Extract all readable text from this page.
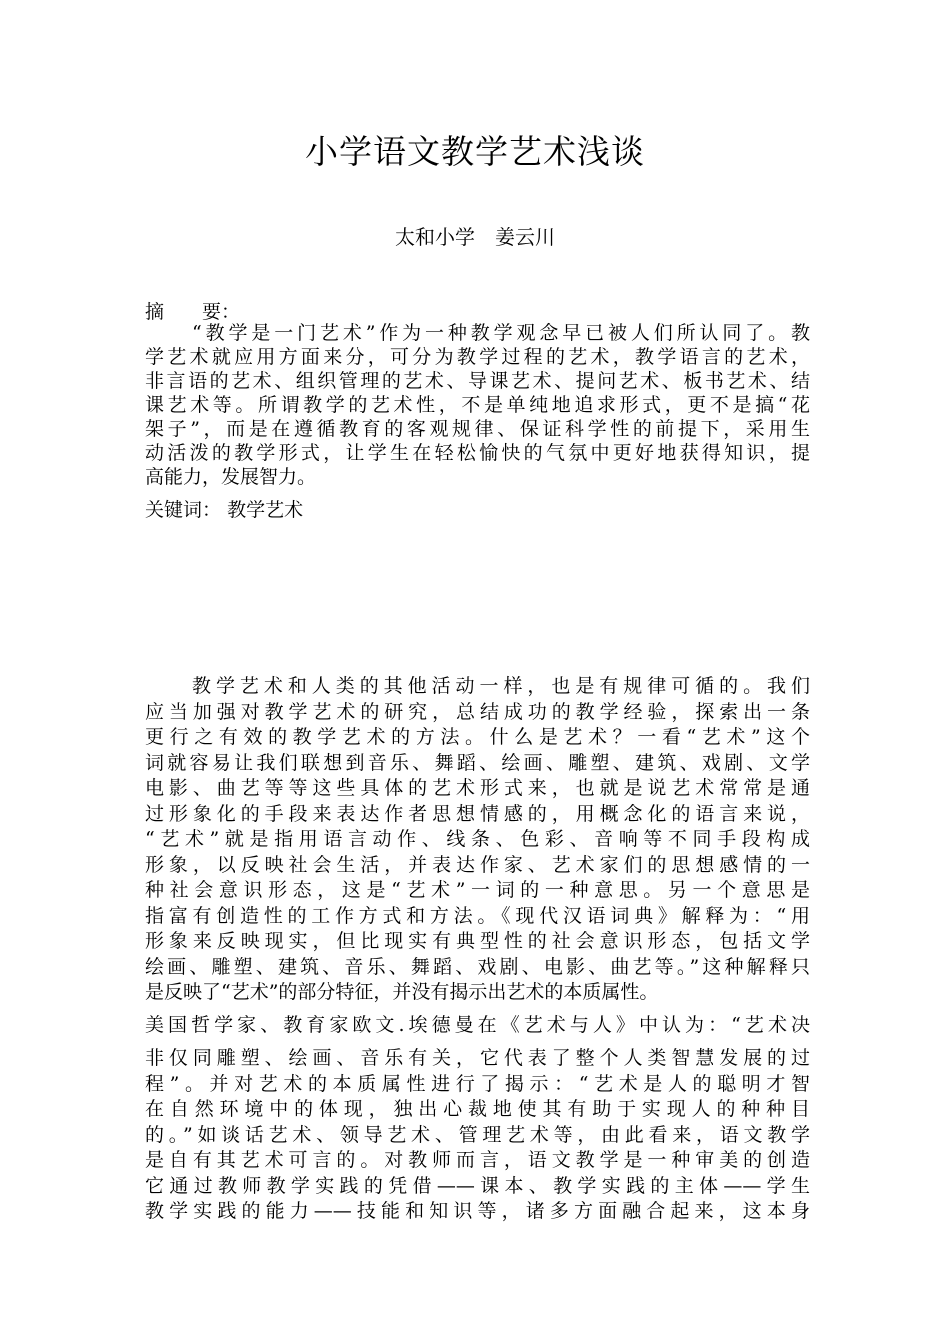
小学语文教学艺术浅谈
太和小学　姜云川
摘　　要：
“教学是一门艺术”作为一种教学观念早已被人们所认同了。教
学艺术就应用方面来分，可分为教学过程的艺术，教学语言的艺术，
非言语的艺术、组织管理的艺术、导课艺术、提问艺术、板书艺术、结
课艺术等。所谓教学的艺术性，不是单纯地追求形式，更不是搞“花
架子”，而是在遵循教育的客观规律、保证科学性的前提下，采用生
动活泼的教学形式，让学生在轻松愉快的气氛中更好地获得知识，提
高能力，发展智力。
关键词： 教学艺术
教学艺术和人类的其他活动一样，也是有规律可循的。我们
应当加强对教学艺术的研究，总结成功的教学经验，探索出一条
更行之有效的教学艺术的方法。什么是艺术？一看“艺术”这个
词就容易让我们联想到音乐、舞蹈、绘画、雕塑、建筑、戏剧、文学
电影、曲艺等等这些具体的艺术形式来，也就是说艺术常常是通
过形象化的手段来表达作者思想情感的，用概念化的语言来说，
“艺术”就是指用语言动作、线条、色彩、音响等不同手段构成
形象，以反映社会生活，并表达作家、艺术家们的思想感情的一
种社会意识形态，这是“艺术”一词的一种意思。另一个意思是
指富有创造性的工作方式和方法。《现代汉语词典》解释为：“用
形象来反映现实，但比现实有典型性的社会意识形态，包括文学
绘画、雕塑、建筑、音乐、舞蹈、戏剧、电影、曲艺等。”这种解释只
是反映了“艺术”的部分特征，并没有揭示出艺术的本质属性。
美国哲学家、教育家欧文.埃德曼在《艺术与人》中认为：“艺术决
非仅同雕塑、绘画、音乐有关，它代表了整个人类智慧发展的过
程”。并对艺术的本质属性进行了揭示：“艺术是人的聪明才智
在自然环境中的体现，独出心裁地使其有助于实现人的种种目
的。”如谈话艺术、领导艺术、管理艺术等，由此看来，语文教学
是自有其艺术可言的。对教师而言，语文教学是一种审美的创造
它通过教师教学实践的凭借——课本、教学实践的主体——学生
教学实践的能力——技能和知识等，诸多方面融合起来，这本身
